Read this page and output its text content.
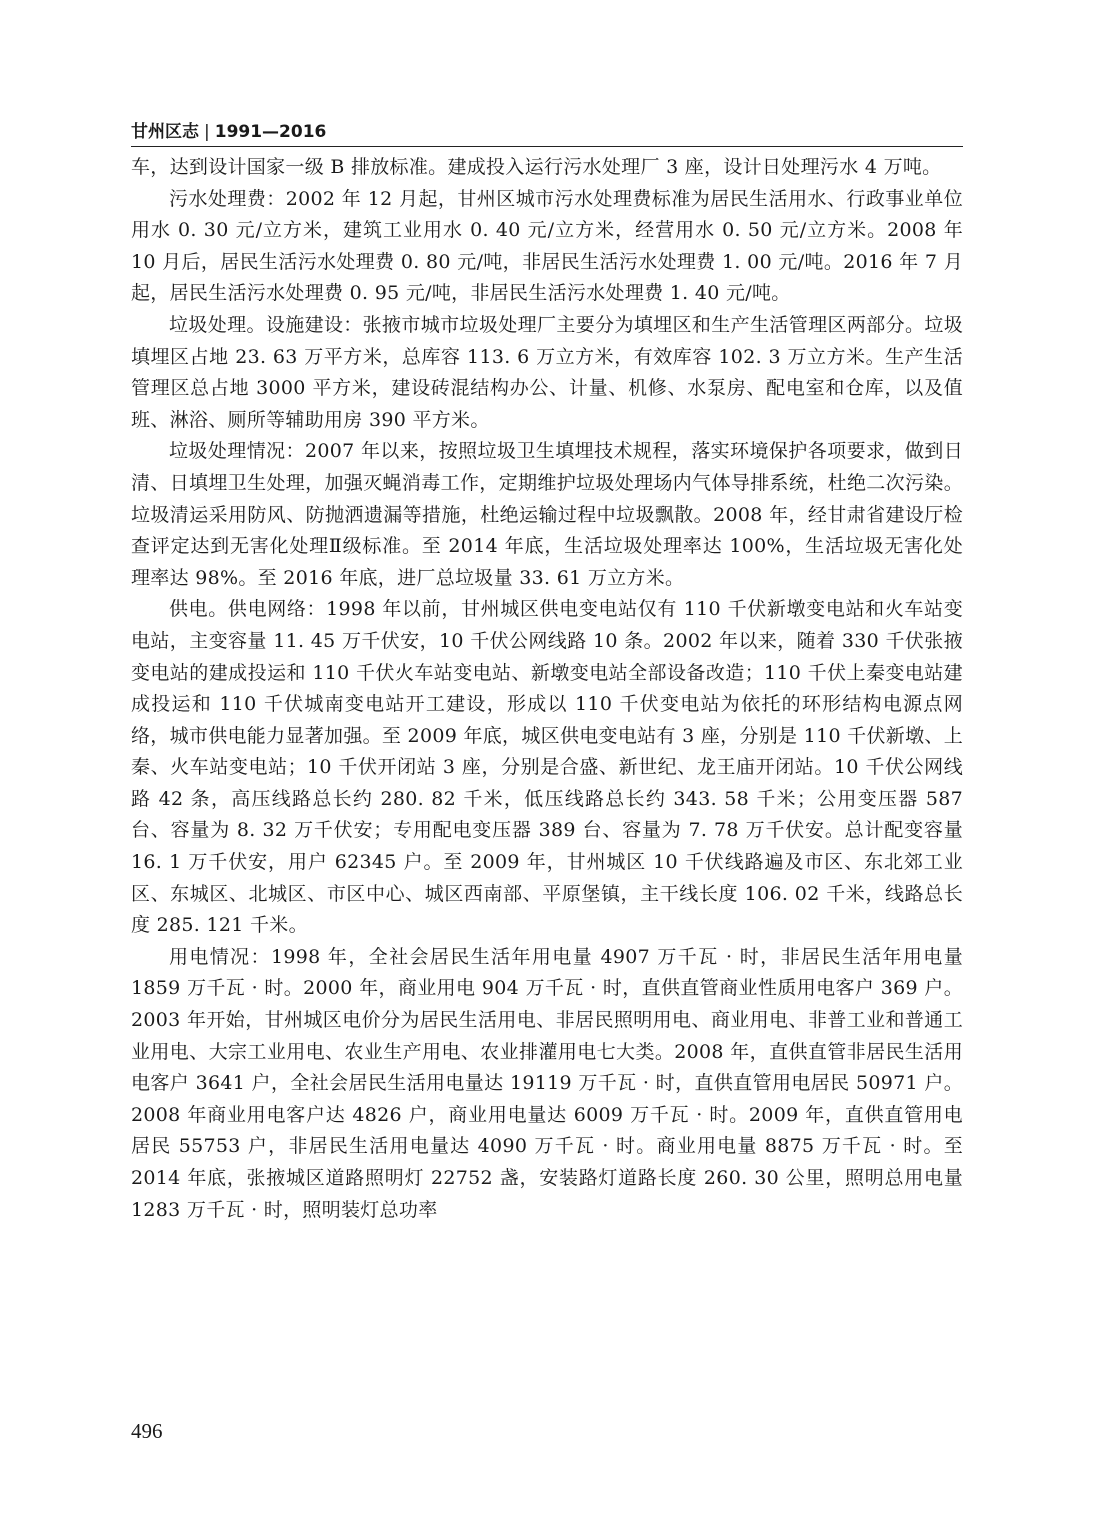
甘州区志 | 1991—2016

车，达到设计国家一级 B 排放标准。建成投入运行污水处理厂 3 座，设计日处理污水 4 万吨。

污水处理费：2002 年 12 月起，甘州区城市污水处理费标准为居民生活用水、行政事业单位用水 0. 30 元/立方米，建筑工业用水 0. 40 元/立方米，经营用水 0. 50 元/立方米。2008 年 10 月后，居民生活污水处理费 0. 80 元/吨，非居民生活污水处理费 1. 00 元/吨。2016 年 7 月起，居民生活污水处理费 0. 95 元/吨，非居民生活污水处理费 1. 40 元/吨。

垃圾处理。设施建设：张掖市城市垃圾处理厂主要分为填埋区和生产生活管理区两部分。垃圾填埋区占地 23. 63 万平方米，总库容 113. 6 万立方米，有效库容 102. 3 万立方米。生产生活管理区总占地 3000 平方米，建设砖混结构办公、计量、机修、水泵房、配电室和仓库，以及值班、淋浴、厕所等辅助用房 390 平方米。

垃圾处理情况：2007 年以来，按照垃圾卫生填埋技术规程，落实环境保护各项要求，做到日清、日填埋卫生处理，加强灭蝇消毒工作，定期维护垃圾处理场内气体导排系统，杜绝二次污染。垃圾清运采用防风、防抛洒遗漏等措施，杜绝运输过程中垃圾飘散。2008 年，经甘肃省建设厅检查评定达到无害化处理Ⅱ级标准。至 2014 年底，生活垃圾处理率达 100%，生活垃圾无害化处理率达 98%。至 2016 年底，进厂总垃圾量 33. 61 万立方米。

供电。供电网络：1998 年以前，甘州城区供电变电站仅有 110 千伏新墩变电站和火车站变电站，主变容量 11. 45 万千伏安，10 千伏公网线路 10 条。2002 年以来，随着 330 千伏张掖变电站的建成投运和 110 千伏火车站变电站、新墩变电站全部设备改造；110 千伏上秦变电站建成投运和 110 千伏城南变电站开工建设，形成以 110 千伏变电站为依托的环形结构电源点网络，城市供电能力显著加强。至 2009 年底，城区供电变电站有 3 座，分别是 110 千伏新墩、上秦、火车站变电站；10 千伏开闭站 3 座，分别是合盛、新世纪、龙王庙开闭站。10 千伏公网线路 42 条，高压线路总长约 280. 82 千米，低压线路总长约 343. 58 千米；公用变压器 587 台、容量为 8. 32 万千伏安；专用配电变压器 389 台、容量为 7. 78 万千伏安。总计配变容量 16. 1 万千伏安，用户 62345 户。至 2009 年，甘州城区 10 千伏线路遍及市区、东北郊工业区、东城区、北城区、市区中心、城区西南部、平原堡镇，主干线长度 106. 02 千米，线路总长度 285. 121 千米。

用电情况：1998 年，全社会居民生活年用电量 4907 万千瓦 · 时，非居民生活年用电量 1859 万千瓦 · 时。2000 年，商业用电 904 万千瓦 · 时，直供直管商业性质用电客户 369 户。2003 年开始，甘州城区电价分为居民生活用电、非居民照明用电、商业用电、非普工业和普通工业用电、大宗工业用电、农业生产用电、农业排灌用电七大类。2008 年，直供直管非居民生活用电客户 3641 户，全社会居民生活用电量达 19119 万千瓦 · 时，直供直管用电居民 50971 户。2008 年商业用电客户达 4826 户，商业用电量达 6009 万千瓦 · 时。2009 年，直供直管用电居民 55753 户，非居民生活用电量达 4090 万千瓦 · 时。商业用电量 8875 万千瓦 · 时。至 2014 年底，张掖城区道路照明灯 22752 盏，安装路灯道路长度 260. 30 公里，照明总用电量 1283 万千瓦 · 时，照明装灯总功率

496
